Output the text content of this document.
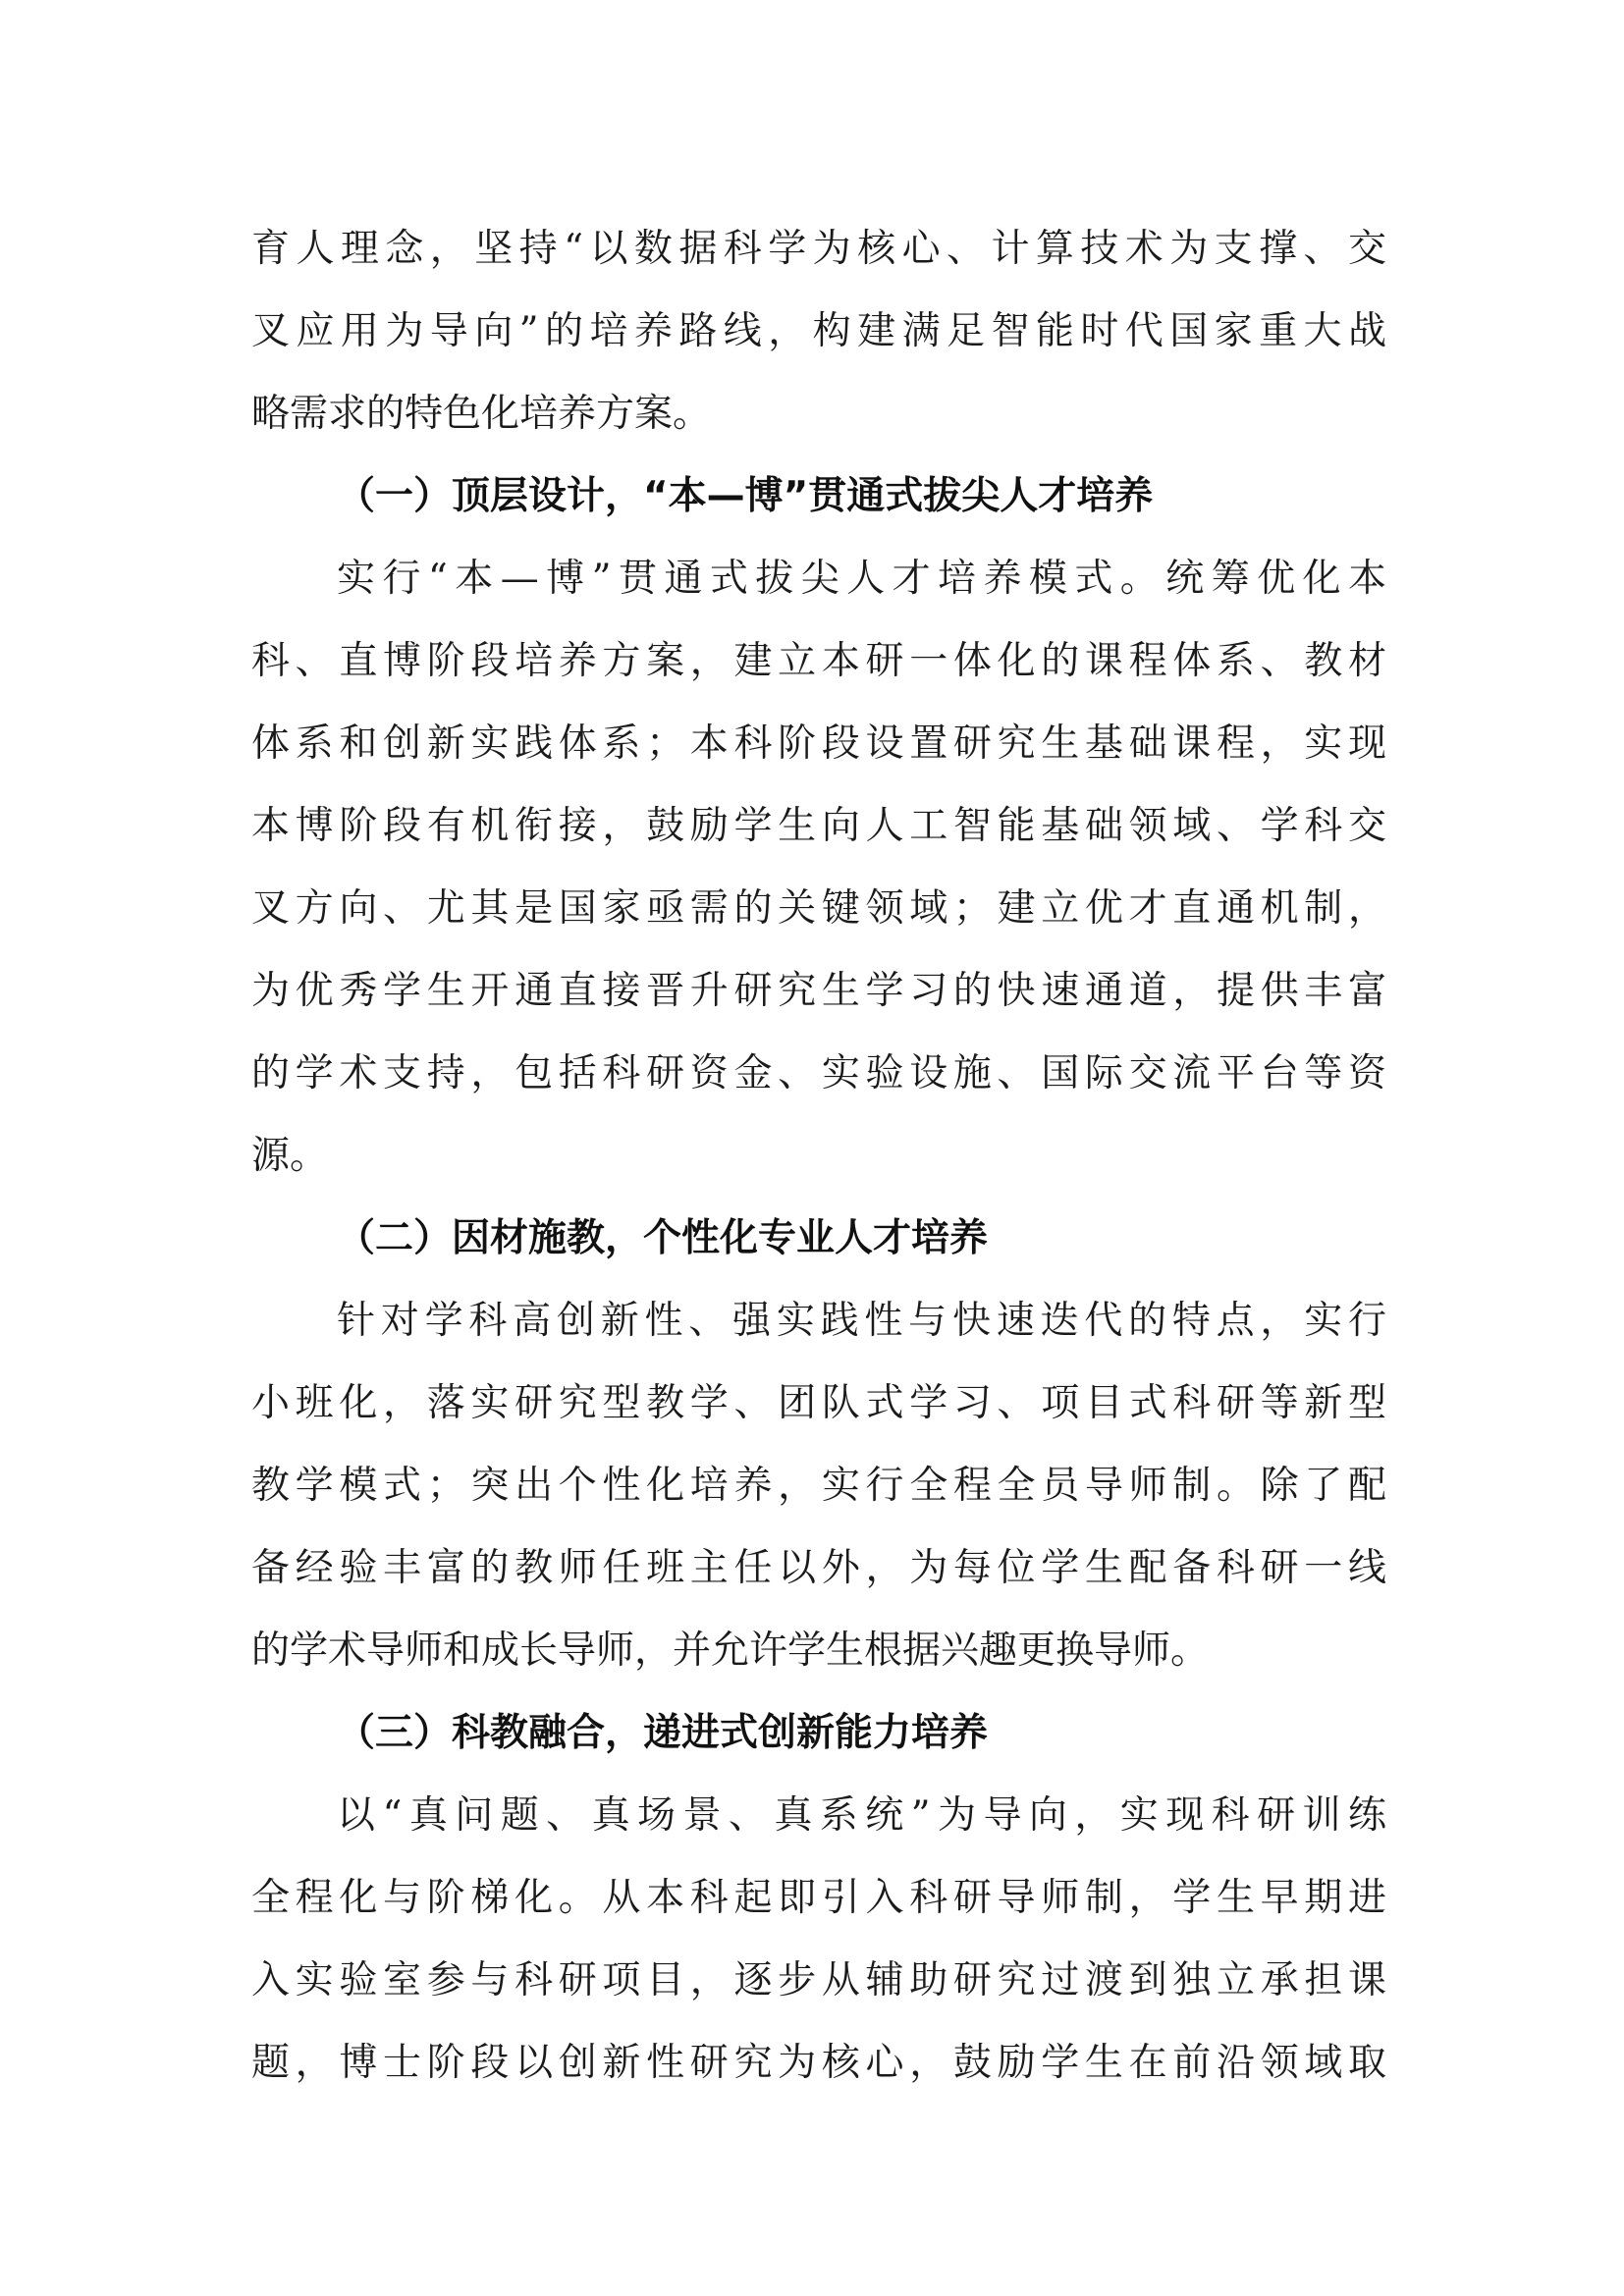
育人理念，坚持“以数据科学为核心、计算技术为支撑、交
叉应用为导向”的培养路线，构建满足智能时代国家重大战
略需求的特色化培养方案。
（一）顶层设计，“本—博”贯通式拔尖人才培养
实行“本—博”贯通式拔尖人才培养模式。统筹优化本
科、直博阶段培养方案，建立本研一体化的课程体系、教材
体系和创新实践体系；本科阶段设置研究生基础课程，实现
本博阶段有机衔接，鼓励学生向人工智能基础领域、学科交
叉方向、尤其是国家亟需的关键领域；建立优才直通机制，
为优秀学生开通直接晋升研究生学习的快速通道，提供丰富
的学术支持，包括科研资金、实验设施、国际交流平台等资
源。
（二）因材施教，个性化专业人才培养
针对学科高创新性、强实践性与快速迭代的特点，实行
小班化，落实研究型教学、团队式学习、项目式科研等新型
教学模式；突出个性化培养，实行全程全员导师制。除了配
备经验丰富的教师任班主任以外，为每位学生配备科研一线
的学术导师和成长导师，并允许学生根据兴趣更换导师。
（三）科教融合，递进式创新能力培养
以“真问题、真场景、真系统”为导向，实现科研训练
全程化与阶梯化。从本科起即引入科研导师制，学生早期进
入实验室参与科研项目，逐步从辅助研究过渡到独立承担课
题，博士阶段以创新性研究为核心，鼓励学生在前沿领域取
